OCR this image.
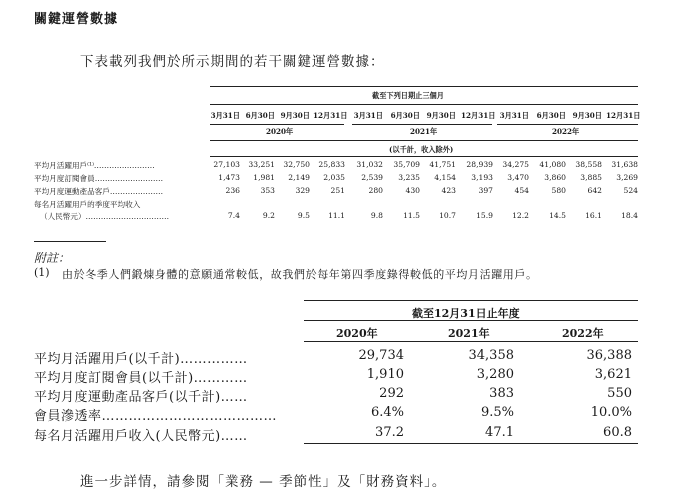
關鍵運營數據
下表載列我們於所示期間的若干關鍵運營數據：
截至下列日期止三個月
3月31日 6月30日 9月30日 12月31日 3月31日	6月30日 9月30日 12月31日 3月31日	6月30日 9月30日 12月31日
2020年	2021年	2022年
(以千計，收入除外)
平均月活躍用戶⁽¹⁾……………………	27,103	33,251	32,750	25,833	31,032	35,709	41,751	28,939	34,275	41,080	38,558	31,638
平均月度訂閱會員………………………	1,473	1,981	2,149	2,035	2,539	3,235	4,154	3,193	3,470	3,860	3,885	3,269
平均月度運動產品客戶…………………	236	353	329	251	280	430	423	397	454	580	642	524
每名月活躍用戶的季度平均收入
（人民幣元）……………………………	7.4	9.2	9.5	11.1	9.8	11.5	10.7	15.9	12.2	14.5	16.1	18.4
附註：
(1) 由於冬季人們鍛煉身體的意願通常較低，故我們於每年第四季度錄得較低的平均月活躍用戶。
截至12月31日止年度
2020年	2021年	2022年
平均月活躍用戶(以千計)……………	29,734	34,358	36,388
平均月度訂閱會員(以千計)…………	1,910	3,280	3,621
平均月度運動產品客戶(以千計)……	292	383	550
會員滲透率…………………………………	6.4%	9.5%	10.0%
每名月活躍用戶收入(人民幣元)……	37.2	47.1	60.8
進一步詳情，請參閱「業務 — 季節性」及「財務資料」。
